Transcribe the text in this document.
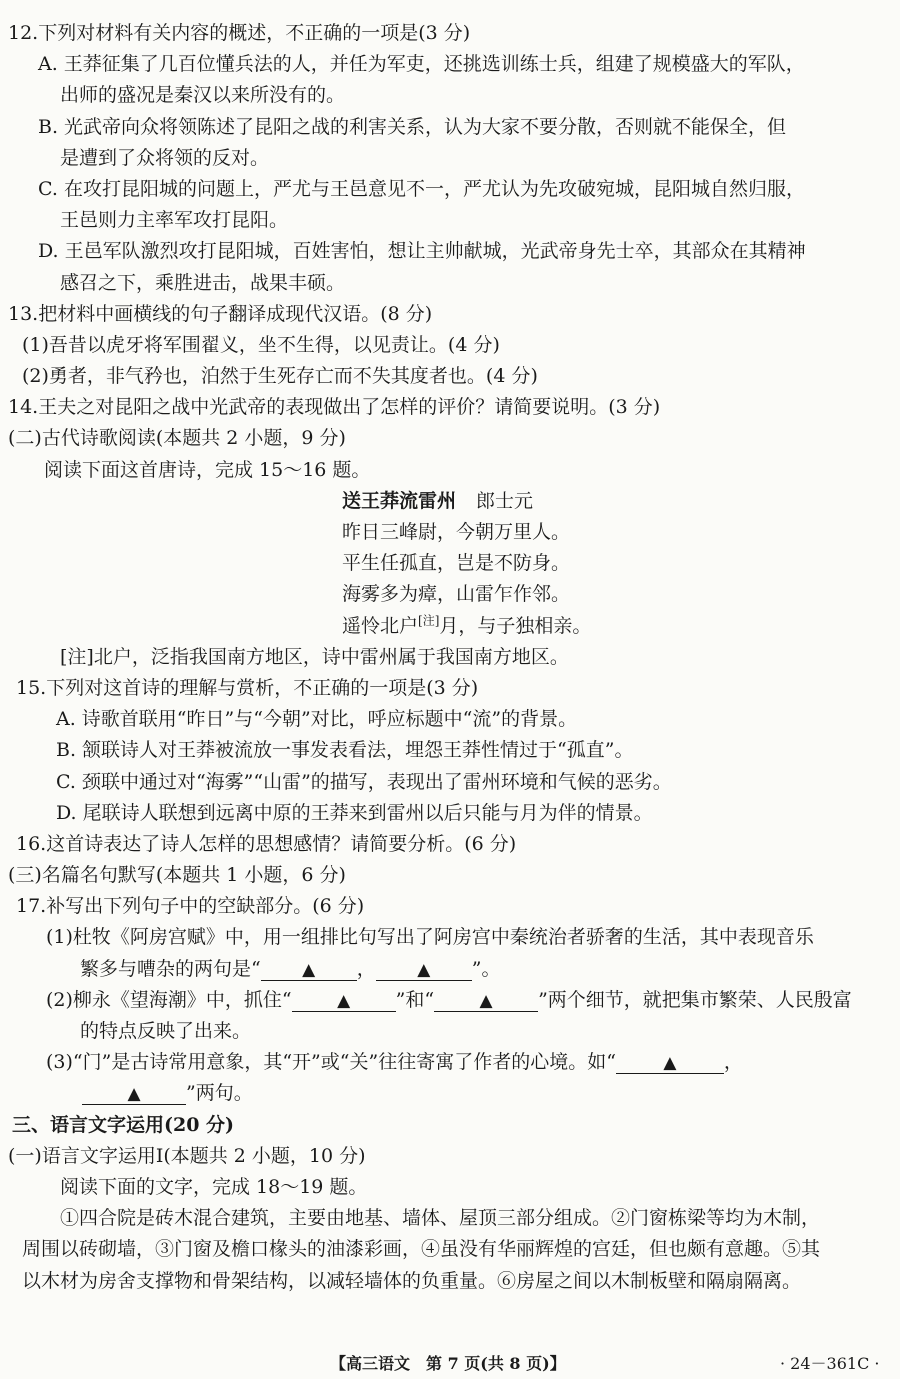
12.下列对材料有关内容的概述，不正确的一项是(3 分)
A. 王莽征集了几百位懂兵法的人，并任为军吏，还挑选训练士兵，组建了规模盛大的军队，
出师的盛况是秦汉以来所没有的。
B. 光武帝向众将领陈述了昆阳之战的利害关系，认为大家不要分散，否则就不能保全，但
是遭到了众将领的反对。
C. 在攻打昆阳城的问题上，严尤与王邑意见不一，严尤认为先攻破宛城，昆阳城自然归服，
王邑则力主率军攻打昆阳。
D. 王邑军队激烈攻打昆阳城，百姓害怕，想让主帅献城，光武帝身先士卒，其部众在其精神
感召之下，乘胜进击，战果丰硕。
13.把材料中画横线的句子翻译成现代汉语。(8 分)
(1)吾昔以虎牙将军围翟义，坐不生得，以见责让。(4 分)
(2)勇者，非气矜也，泊然于生死存亡而不失其度者也。(4 分)
14.王夫之对昆阳之战中光武帝的表现做出了怎样的评价？请简要说明。(3 分)
(二)古代诗歌阅读(本题共 2 小题，9 分)
阅读下面这首唐诗，完成 15～16 题。
送王莽流雷州 郎士元
昨日三峰尉，今朝万里人。
平生任孤直，岂是不防身。
海雾多为瘴，山雷乍作邻。
遥怜北户[注]月，与子独相亲。
[注]北户，泛指我国南方地区，诗中雷州属于我国南方地区。
15.下列对这首诗的理解与赏析，不正确的一项是(3 分)
A. 诗歌首联用“昨日”与“今朝”对比，呼应标题中“流”的背景。
B. 颔联诗人对王莽被流放一事发表看法，埋怨王莽性情过于“孤直”。
C. 颈联中通过对“海雾”“山雷”的描写，表现出了雷州环境和气候的恶劣。
D. 尾联诗人联想到远离中原的王莽来到雷州以后只能与月为伴的情景。
16.这首诗表达了诗人怎样的思想感情？请简要分析。(6 分)
(三)名篇名句默写(本题共 1 小题，6 分)
17.补写出下列句子中的空缺部分。(6 分)
(1)杜牧《阿房宫赋》中，用一组排比句写出了阿房宫中秦统治者骄奢的生活，其中表现音乐
繁多与嘈杂的两句是“ ▲ ， ▲ ”。
(2)柳永《望海潮》中，抓住“	▲ ”和“	▲ ”两个细节，就把集市繁荣、人民殷富
的特点反映了出来。
(3)“门”是古诗常用意象，其“开”或“关”往往寄寓了作者的心境。如“	▲ ，
▲ ”两句。
三、语言文字运用(20 分)
(一)语言文字运用Ⅰ(本题共 2 小题，10 分)
阅读下面的文字，完成 18～19 题。
①四合院是砖木混合建筑，主要由地基、墙体、屋顶三部分组成。②门窗栋梁等均为木制，
周围以砖砌墙，③门窗及檐口椽头的油漆彩画，④虽没有华丽辉煌的宫廷，但也颇有意趣。⑤其
以木材为房舍支撑物和骨架结构，以减轻墙体的负重量。⑥房屋之间以木制板壁和隔扇隔离。
【高三语文　第 7 页(共 8 页)】	· 24－361C ·
